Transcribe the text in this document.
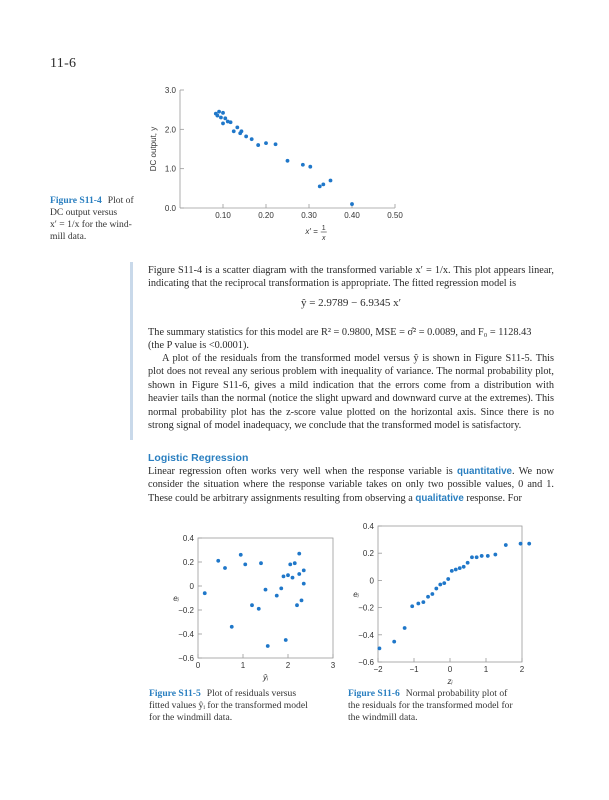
11-6
0.0
1.0
2.0
3.0
0.10	0.20	0.30	0.40	0.50
DC output, y
x′ = 1
x
Figure S11-4 Plot of
DC output versus
x′ = 1/x for the wind-
mill data.

Figure S11-4 is a scatter diagram with the transformed variable x′ = 1/x. This plot appears linear, indicating that the reciprocal transformation is appropriate. The fitted regression model is

ŷ = 2.9789 − 6.9345 x′

The summary statistics for this model are R² = 0.9800, MSE = σ̂² = 0.0089, and F₀ = 1128.43
(the P value is <0.0001).

A plot of the residuals from the transformed model versus ŷ is shown in Figure S11-5. This plot does not reveal any serious problem with inequality of variance. The normal probability plot, shown in Figure S11-6, gives a mild indication that the errors come from a distribution with heavier tails than the normal (notice the slight upward and downward curve at the extremes). This normal probability plot has the z-score value plotted on the horizontal axis. Since there is no strong signal of model inadequacy, we conclude that the transformed model is satisfactory.

Logistic Regression

Linear regression often works very well when the response variable is quantitative. We now consider the situation where the response variable takes on only two possible values, 0 and 1. These could be arbitrary assignments resulting from observing a qualitative response. For

−0.6
−0.4
−0.2
0
0.2
0.4
0	1	2	3
eᵢ
ŷᵢ
−0.6
−0.4
−0.2
0
0.2
0.4
−2	−1	0	1	2
eᵢ
zᵢ
Figure S11-5 Plot of residuals versus
fitted values ŷᵢ for the transformed model
for the windmill data.
Figure S11-6 Normal probability plot of
the residuals for the transformed model for
the windmill data.
